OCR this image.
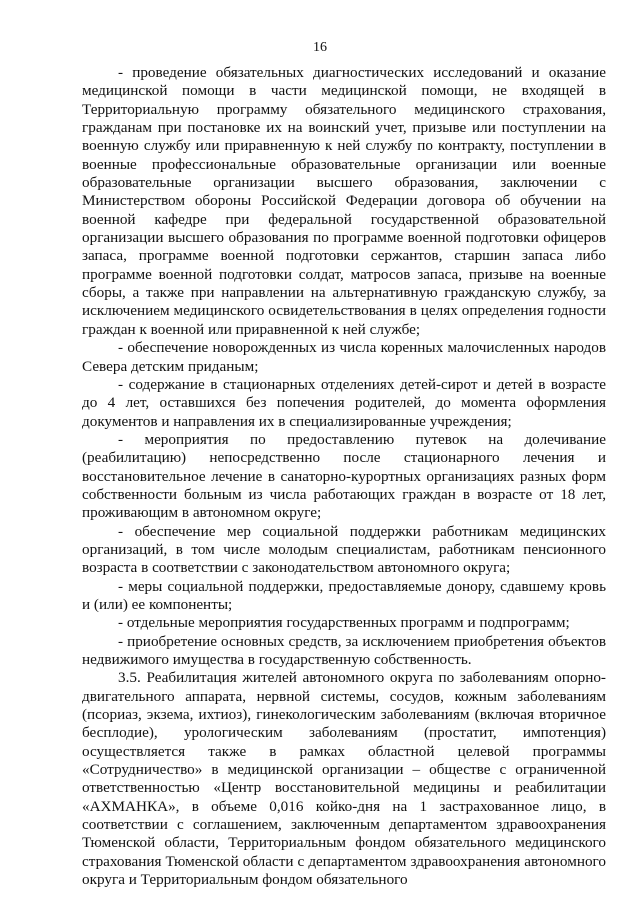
16

- проведение обязательных диагностических исследований и оказание медицинской помощи в части медицинской помощи, не входящей в Территориальную программу обязательного медицинского страхования, гражданам при постановке их на воинский учет, призыве или поступлении на военную службу или приравненную к ней службу по контракту, поступлении в военные профессиональные образовательные организации или военные образовательные организации высшего образования, заключении с Министерством обороны Российской Федерации договора об обучении на военной кафедре при федеральной государственной образовательной организации высшего образования по программе военной подготовки офицеров запаса, программе военной подготовки сержантов, старшин запаса либо программе военной подготовки солдат, матросов запаса, призыве на военные сборы, а также при направлении на альтернативную гражданскую службу, за исключением медицинского освидетельствования в целях определения годности граждан к военной или приравненной к ней службе;

- обеспечение новорожденных из числа коренных малочисленных народов Севера детским приданым;

- содержание в стационарных отделениях детей-сирот и детей в возрасте до 4 лет, оставшихся без попечения родителей, до момента оформления документов и направления их в специализированные учреждения;

- мероприятия по предоставлению путевок на долечивание (реабилитацию) непосредственно после стационарного лечения и восстановительное лечение в санаторно-курортных организациях разных форм собственности больным из числа работающих граждан в возрасте от 18 лет, проживающим в автономном округе;

- обеспечение мер социальной поддержки работникам медицинских организаций, в том числе молодым специалистам, работникам пенсионного возраста в соответствии с законодательством автономного округа;

- меры социальной поддержки, предоставляемые донору, сдавшему кровь и (или) ее компоненты;

- отдельные мероприятия государственных программ и подпрограмм;

- приобретение основных средств, за исключением приобретения объектов недвижимого имущества в государственную собственность.

3.5. Реабилитация жителей автономного округа по заболеваниям опорно-двигательного аппарата, нервной системы, сосудов, кожным заболеваниям (псориаз, экзема, ихтиоз), гинекологическим заболеваниям (включая вторичное бесплодие), урологическим заболеваниям (простатит, импотенция) осуществляется также в рамках областной целевой программы «Сотрудничество» в медицинской организации – обществе с ограниченной ответственностью «Центр восстановительной медицины и реабилитации «АХМАНКА», в объеме 0,016 койко-дня на 1 застрахованное лицо, в соответствии с соглашением, заключенным департаментом здравоохранения Тюменской области, Территориальным фондом обязательного медицинского страхования Тюменской области с департаментом здравоохранения автономного округа и Территориальным фондом обязательного
